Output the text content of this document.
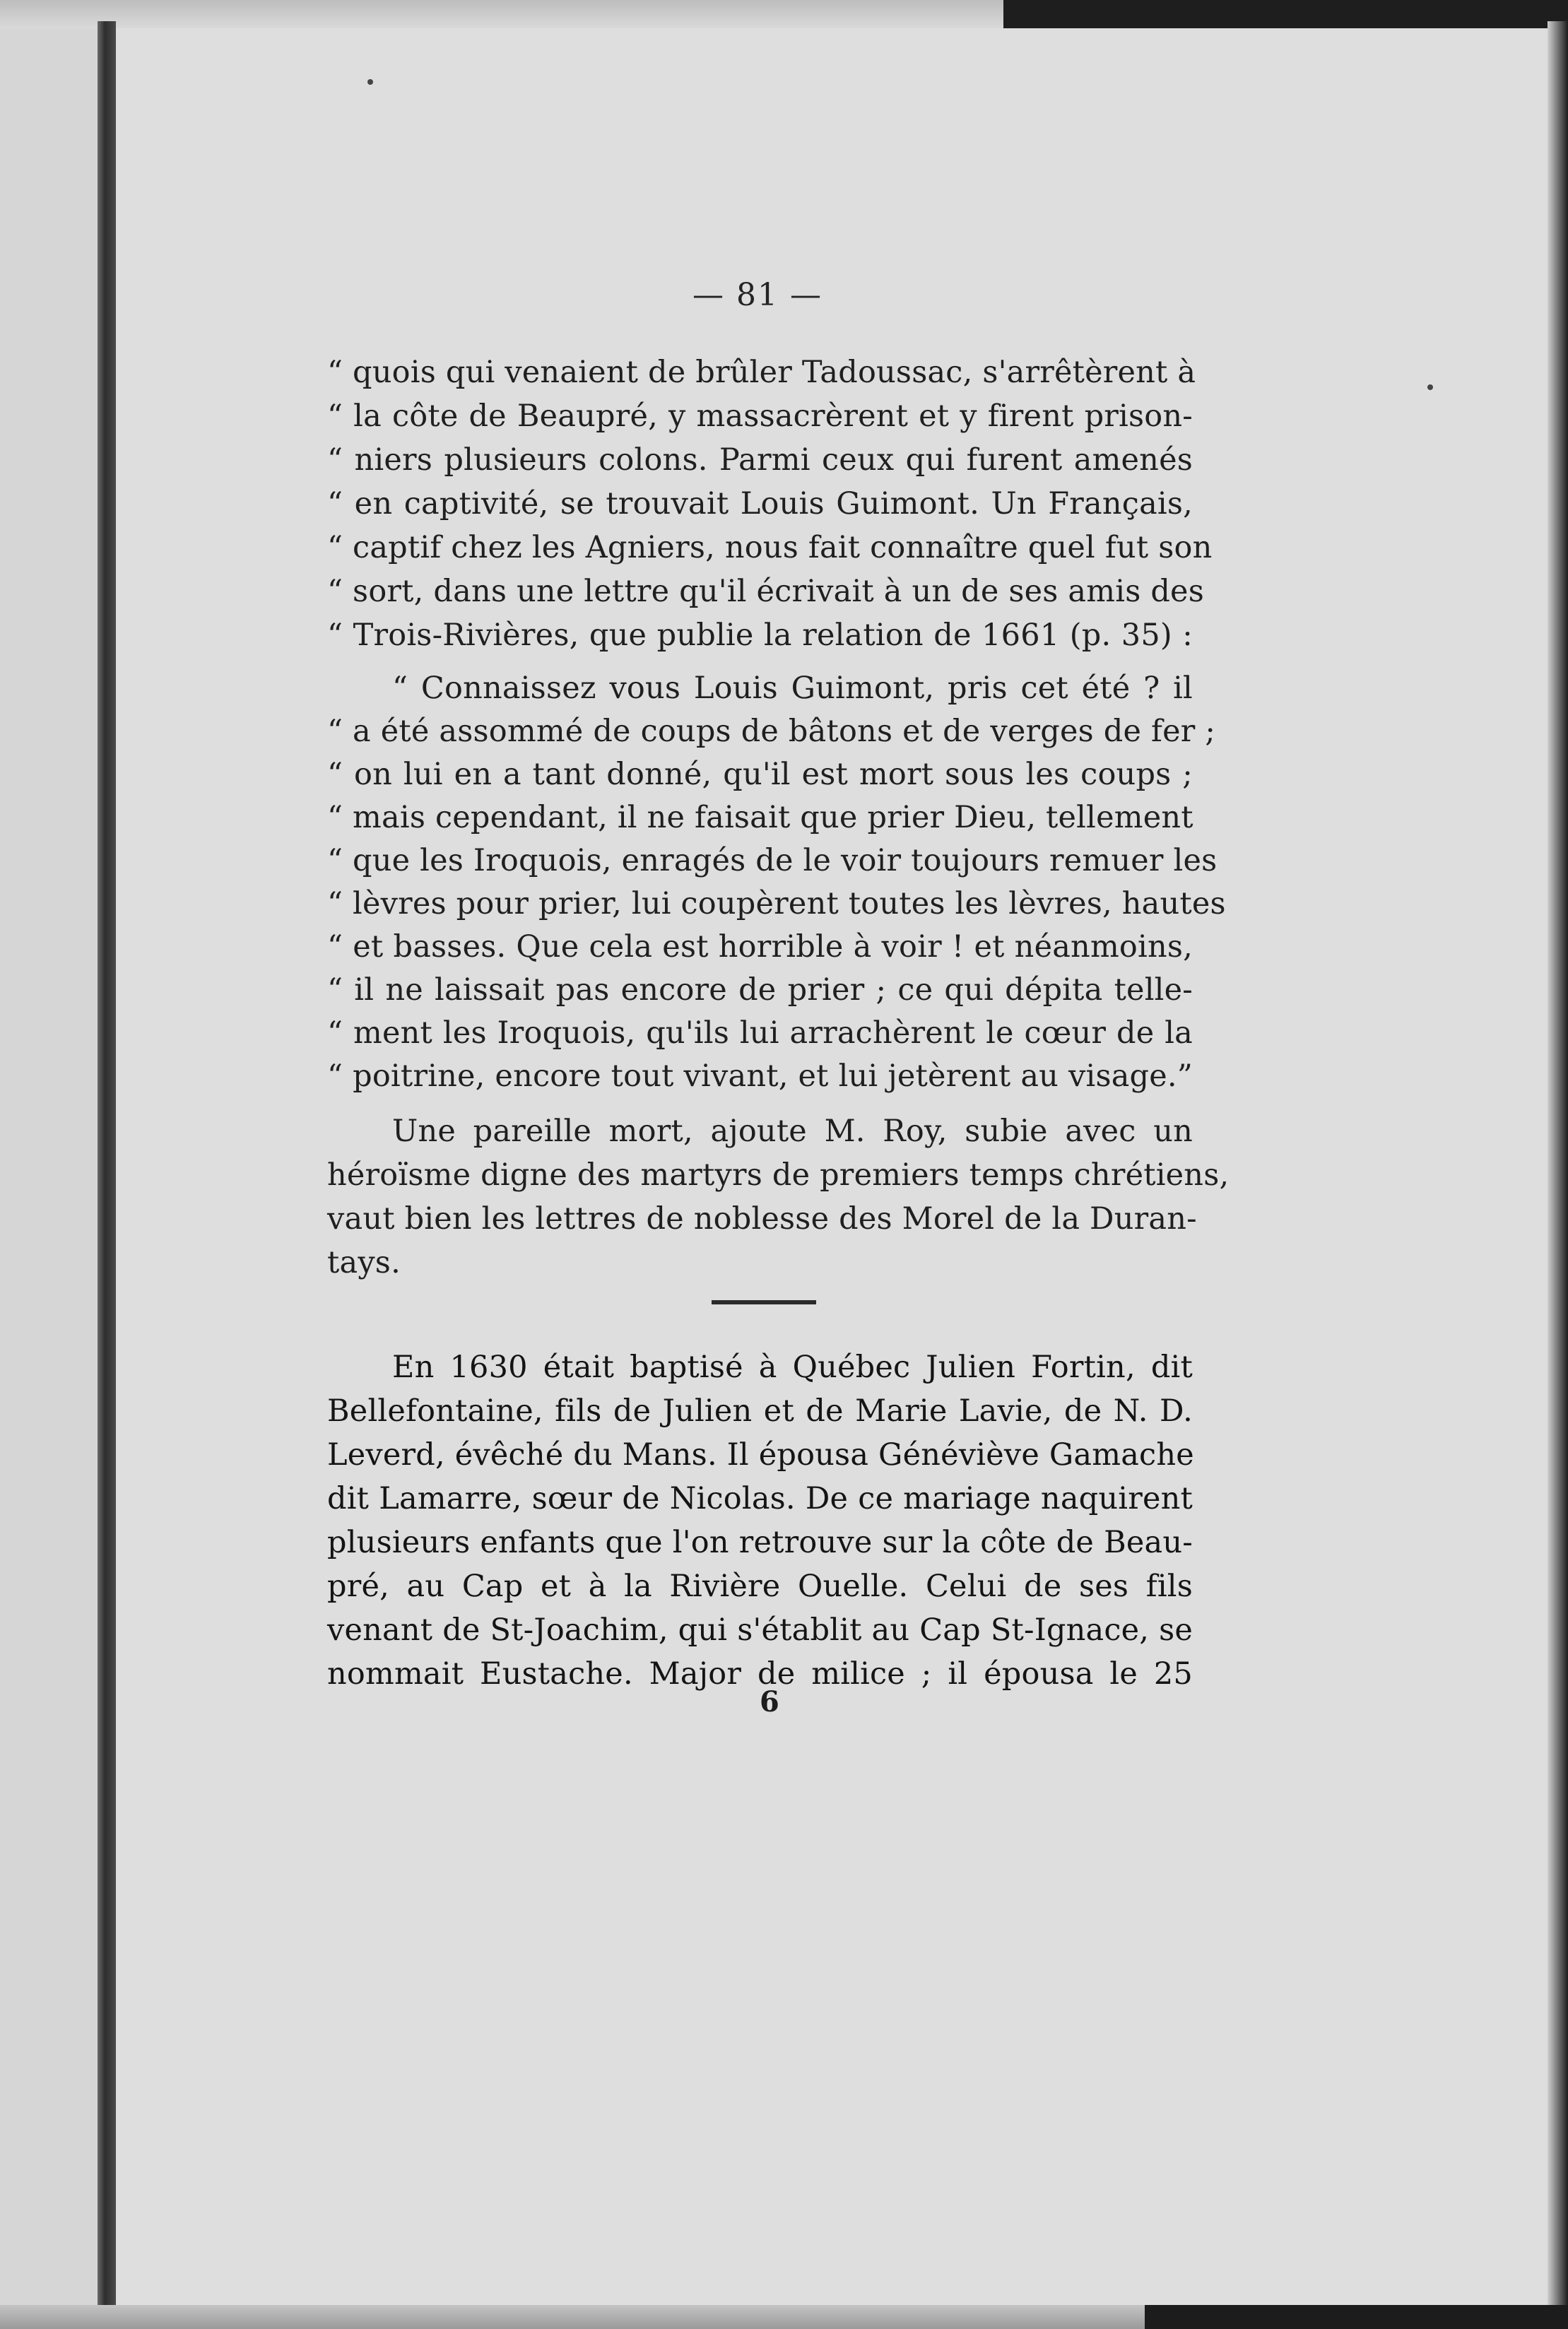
— 81 —
“ quois qui venaient de brûler Tadoussac, s'arrêtèrent à
“ la côte de Beaupré, y massacrèrent et y firent prison-
“ niers plusieurs colons. Parmi ceux qui furent amenés
“ en captivité, se trouvait Louis Guimont. Un Français,
“ captif chez les Agniers, nous fait connaître quel fut son
“ sort, dans une lettre qu'il écrivait à un de ses amis des
“ Trois-Rivières, que publie la relation de 1661 (p. 35) :
“ Connaissez vous Louis Guimont, pris cet été ? il
“ a été assommé de coups de bâtons et de verges de fer ;
“ on lui en a tant donné, qu'il est mort sous les coups ;
“ mais cependant, il ne faisait que prier Dieu, tellement
“ que les Iroquois, enragés de le voir toujours remuer les
“ lèvres pour prier, lui coupèrent toutes les lèvres, hautes
“ et basses. Que cela est horrible à voir ! et néanmoins,
“ il ne laissait pas encore de prier ; ce qui dépita telle-
“ ment les Iroquois, qu'ils lui arrachèrent le cœur de la
“ poitrine, encore tout vivant, et lui jetèrent au visage.”
Une pareille mort, ajoute M. Roy, subie avec un
héroïsme digne des martyrs de premiers temps chrétiens,
vaut bien les lettres de noblesse des Morel de la Duran-
tays.
En 1630 était baptisé à Québec Julien Fortin, dit
Bellefontaine, fils de Julien et de Marie Lavie, de N. D.
Leverd, évêché du Mans. Il épousa Généviève Gamache
dit Lamarre, sœur de Nicolas. De ce mariage naquirent
plusieurs enfants que l'on retrouve sur la côte de Beau-
pré, au Cap et à la Rivière Ouelle. Celui de ses fils
venant de St-Joachim, qui s'établit au Cap St-Ignace, se
nommait Eustache. Major de milice ; il épousa le 25
6
